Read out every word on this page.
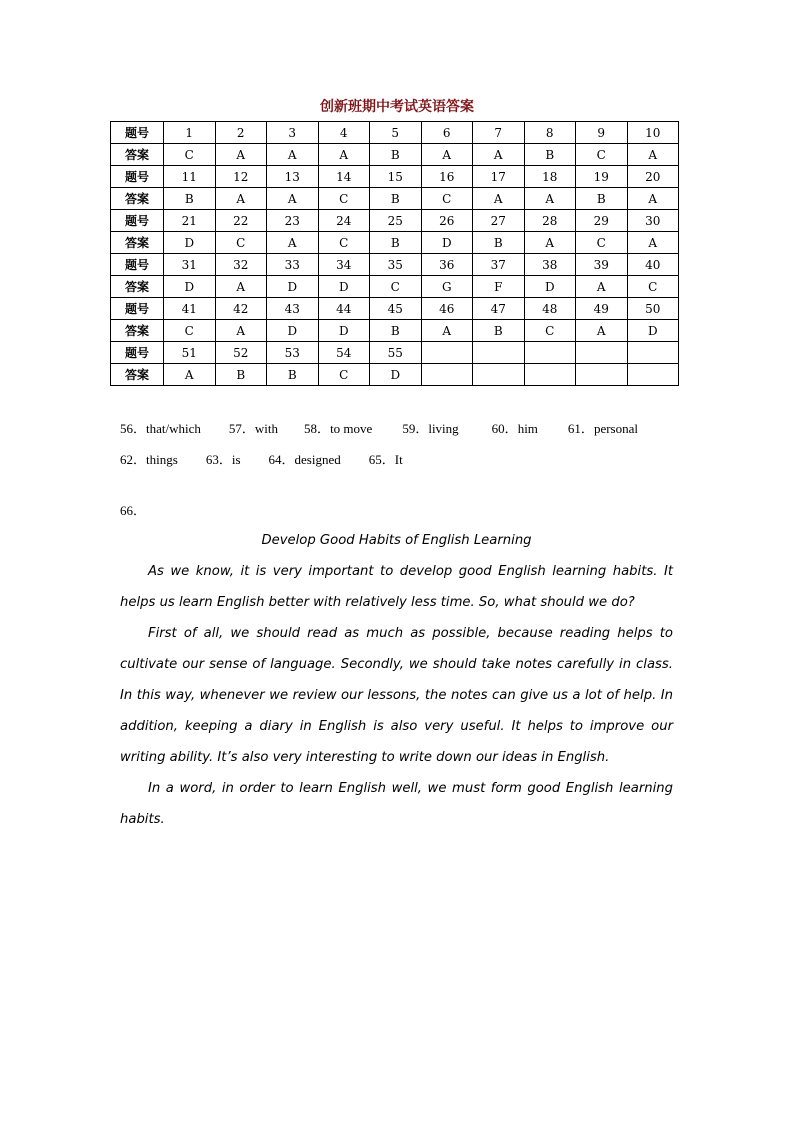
创新班期中考试英语答案
题号	1	2	3	4	5	6	7	8	9	10
答案	C	A	A	A	B	A	A	B	C	A
题号	11	12	13	14	15	16	17	18	19	20
答案	B	A	A	C	B	C	A	A	B	A
题号	21	22	23	24	25	26	27	28	29	30
答案	D	C	A	C	B	D	B	A	C	A
题号	31	32	33	34	35	36	37	38	39	40
答案	D	A	D	D	C	G	F	D	A	C
题号	41	42	43	44	45	46	47	48	49	50
答案	C	A	D	D	B	A	B	C	A	D
题号	51	52	53	54	55					
答案	A	B	B	C	D					
56．that/which 57．with 58．to move 59．living	60．him 61．personal
62．things 63．is 64．designed 65．It
66．
Develop Good Habits of English Learning

As we know, it is very important to develop good English learning habits. It helps us learn English better with relatively less time. So, what should we do?

First of all, we should read as much as possible, because reading helps to cultivate our sense of language. Secondly, we should take notes carefully in class. In this way, whenever we review our lessons, the notes can give us a lot of help. In addition, keeping a diary in English is also very useful. It helps to improve our writing ability. It’s also very interesting to write down our ideas in English.

In a word, in order to learn English well, we must form good English learning habits.
